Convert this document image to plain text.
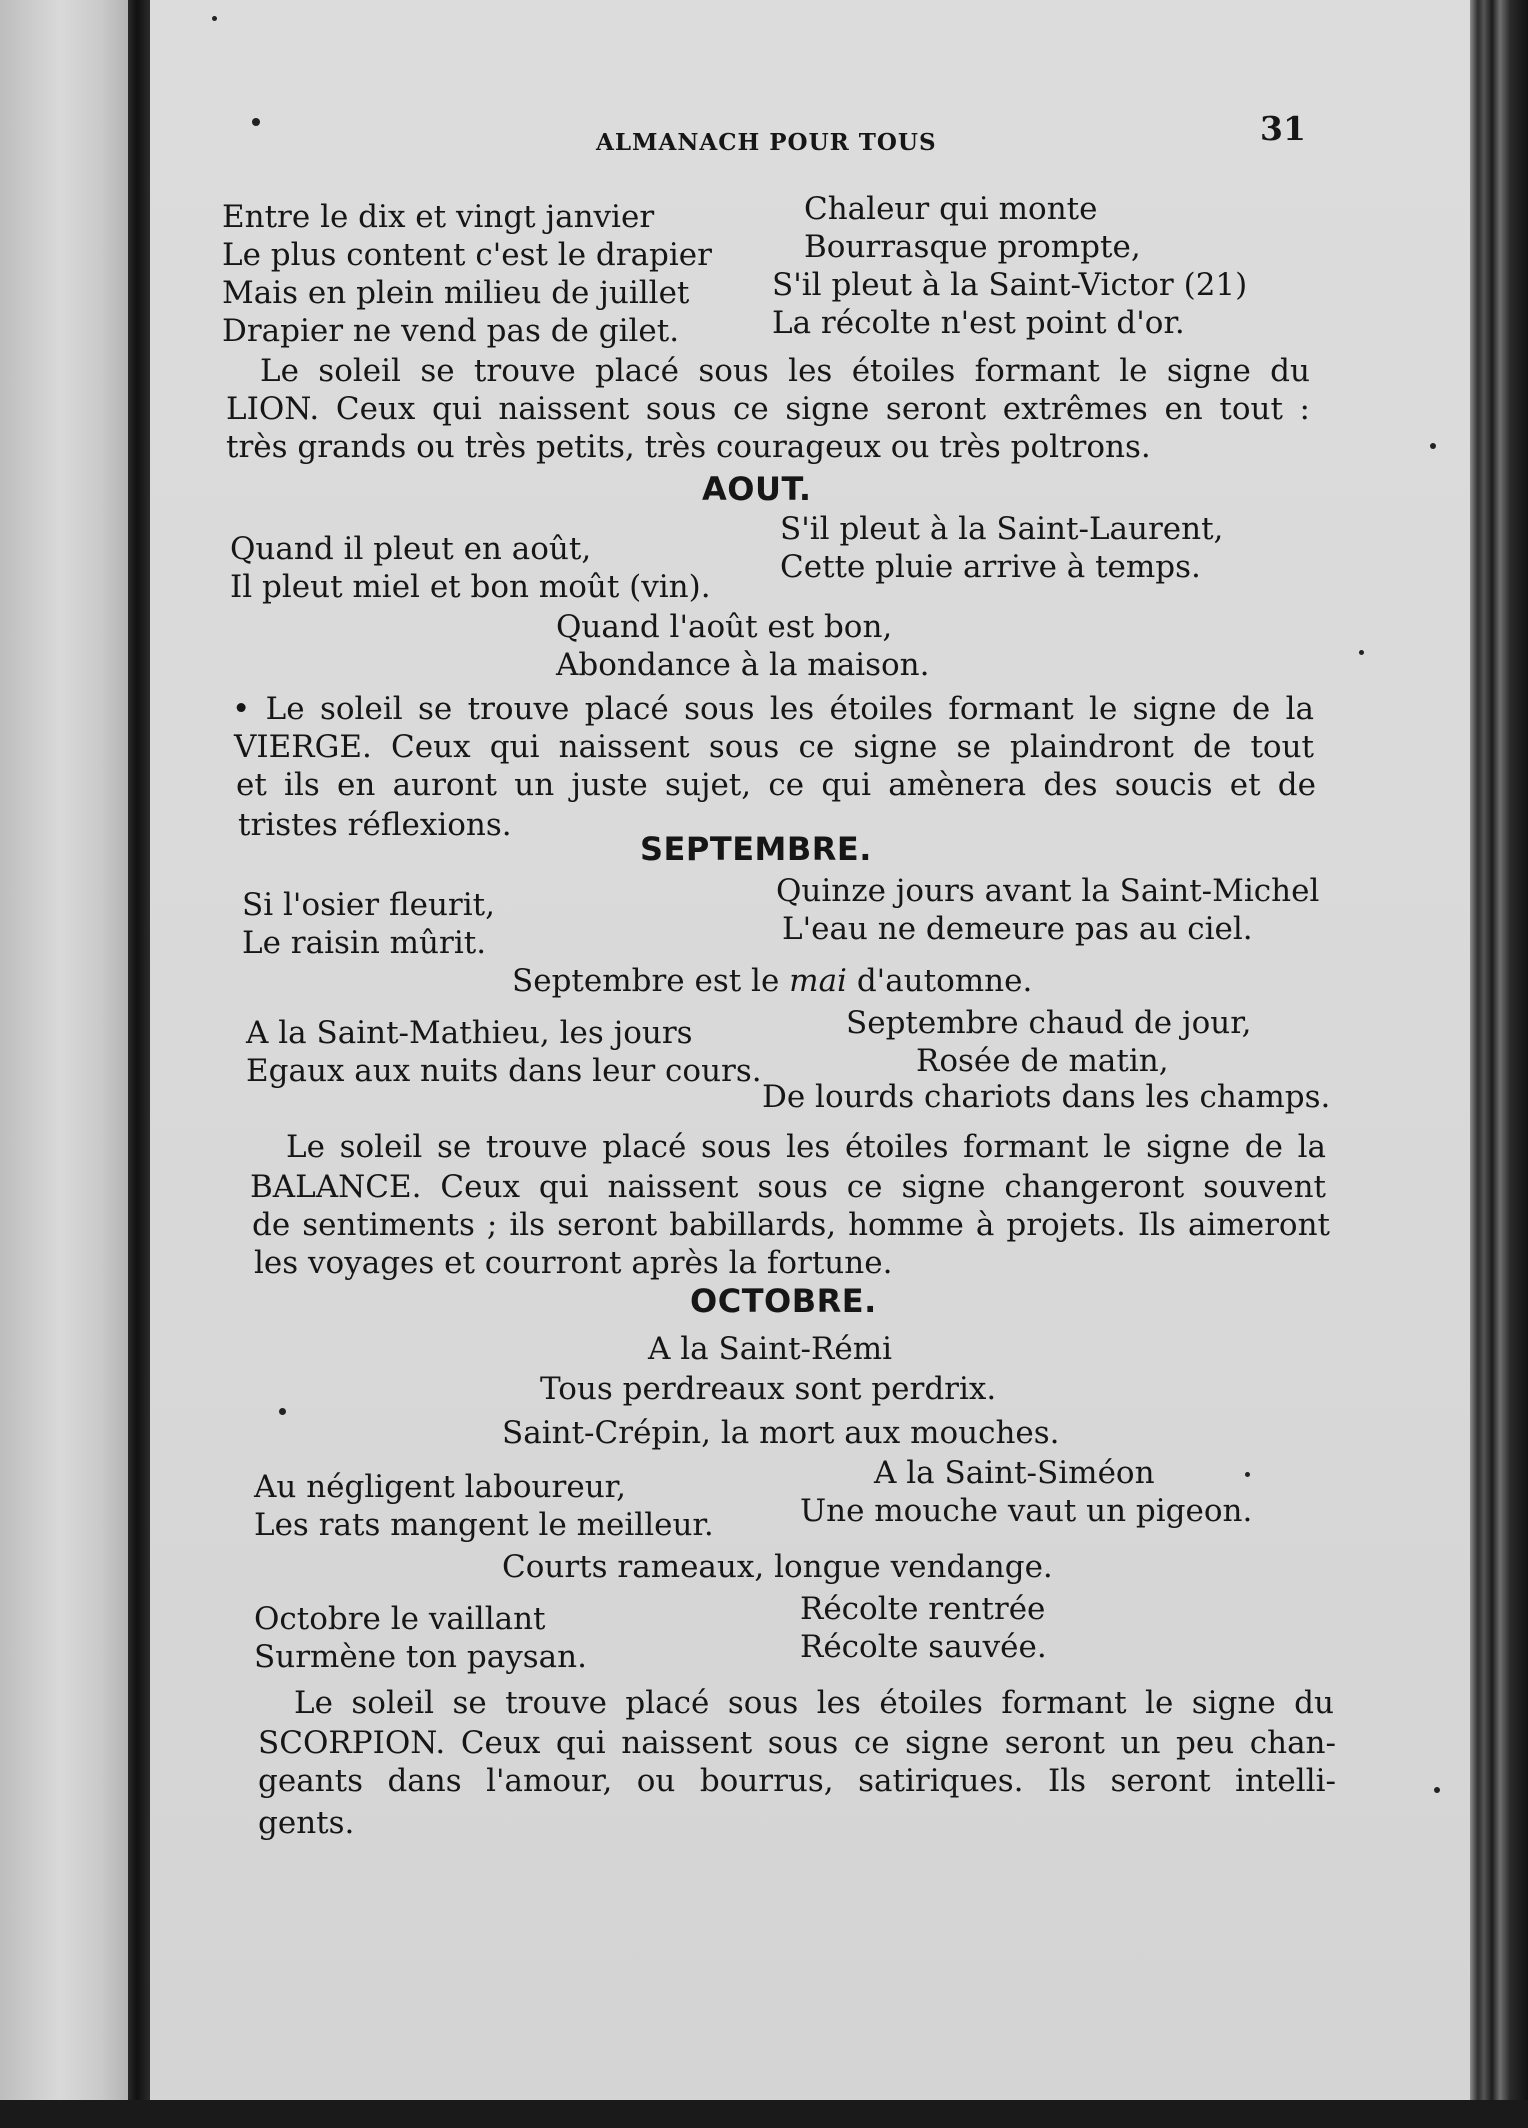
ALMANACH POUR TOUS	31
Entre le dix et vingt janvier
Le plus content c'est le drapier
Mais en plein milieu de juillet
Drapier ne vend pas de gilet.
Chaleur qui monte
Bourrasque prompte,
S'il pleut à la Saint-Victor (21)
La récolte n'est point d'or.
Le soleil se trouve placé sous les étoiles formant le signe du
LION. Ceux qui naissent sous ce signe seront extrêmes en tout :
très grands ou très petits, très courageux ou très poltrons.
AOUT.
Quand il pleut en août,
Il pleut miel et bon moût (vin).
S'il pleut à la Saint-Laurent,
Cette pluie arrive à temps.
Quand l'août est bon,
Abondance à la maison.
• Le soleil se trouve placé sous les étoiles formant le signe de la
VIERGE. Ceux qui naissent sous ce signe se plaindront de tout
et ils en auront un juste sujet, ce qui amènera des soucis et de
tristes réflexions.
SEPTEMBRE.
Si l'osier fleurit,
Le raisin mûrit.
Quinze jours avant la Saint-Michel
L'eau ne demeure pas au ciel.
Septembre est le mai d'automne.
A la Saint-Mathieu, les jours
Egaux aux nuits dans leur cours.
Septembre chaud de jour,
Rosée de matin,
De lourds chariots dans les champs.
Le soleil se trouve placé sous les étoiles formant le signe de la
BALANCE. Ceux qui naissent sous ce signe changeront souvent
de sentiments ; ils seront babillards, homme à projets. Ils aimeront
les voyages et courront après la fortune.
OCTOBRE.
A la Saint-Rémi
Tous perdreaux sont perdrix.
Saint-Crépin, la mort aux mouches.
Au négligent laboureur,
Les rats mangent le meilleur.
A la Saint-Siméon
Une mouche vaut un pigeon.
Courts rameaux, longue vendange.
Octobre le vaillant
Surmène ton paysan.
Récolte rentrée
Récolte sauvée.
Le soleil se trouve placé sous les étoiles formant le signe du
SCORPION. Ceux qui naissent sous ce signe seront un peu chan-
geants dans l'amour, ou bourrus, satiriques. Ils seront intelli-
gents.
